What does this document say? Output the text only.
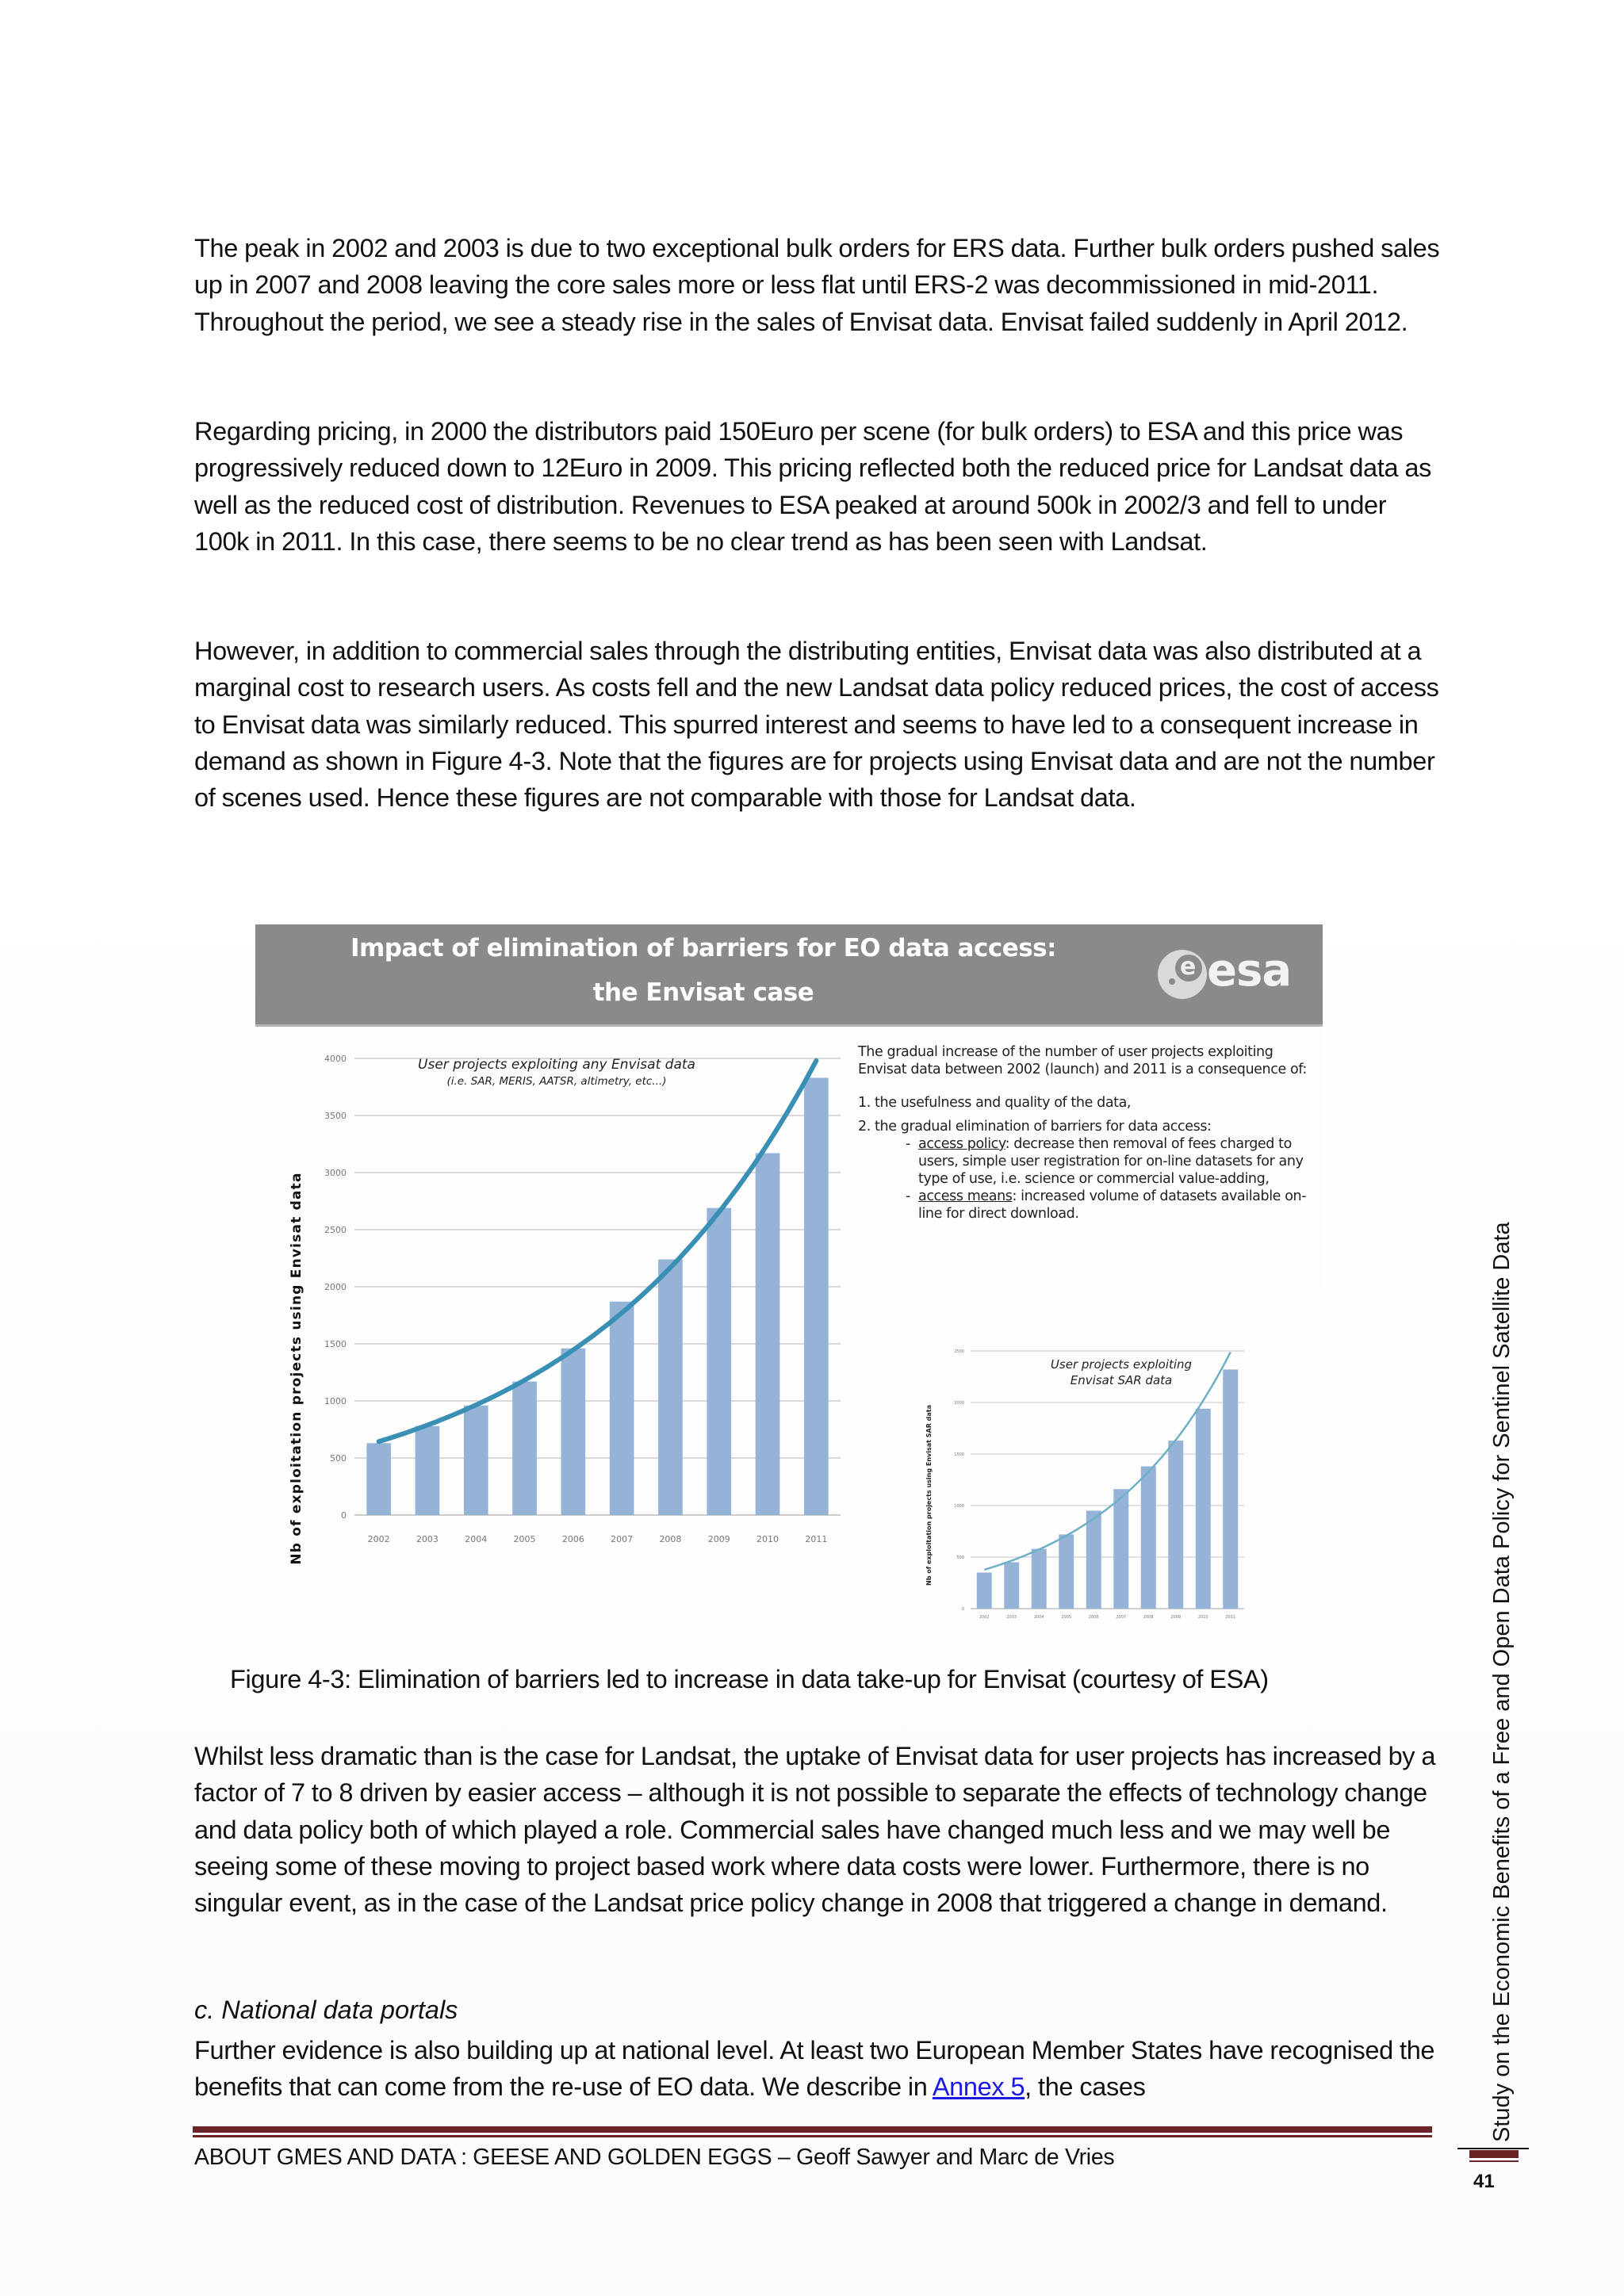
The peak in 2002 and 2003 is due to two exceptional bulk orders for ERS data. Further bulk orders pushed sales up in 2007 and 2008 leaving the core sales more or less flat until ERS-2 was decommissioned in mid-2011. Throughout the period, we see a steady rise in the sales of Envisat data. Envisat failed suddenly in April 2012.

Regarding pricing, in 2000 the distributors paid 150Euro per scene (for bulk orders) to ESA and this price was progressively reduced down to 12Euro in 2009. This pricing reflected both the reduced price for Landsat data as well as the reduced cost of distribution. Revenues to ESA peaked at around 500k in 2002/3 and fell to under 100k in 2011. In this case, there seems to be no clear trend as has been seen with Landsat.

However, in addition to commercial sales through the distributing entities, Envisat data was also distributed at a marginal cost to research users. As costs fell and the new Landsat data policy reduced prices, the cost of access to Envisat data was similarly reduced. This spurred interest and seems to have led to a consequent increase in demand as shown in Figure 4-3. Note that the figures are for projects using Envisat data and are not the number of scenes used. Hence these figures are not comparable with those for Landsat data.

Impact of elimination of barriers for EO data access:
the Envisat case
e esa
0
500
1000
1500
2000
2500
3000
3500
4000
2002	2003	2004	2005	2006	2007	2008	2009	2010	2011
User projects exploiting any Envisat data
(i.e. SAR, MERIS, AATSR, altimetry, etc...)
Nb of exploitation projects using Envisat data

The gradual increase of the number of user projects exploiting Envisat data between 2002 (launch) and 2011 is a consequence of:

1. the usefulness and quality of the data,

2. the gradual elimination of barriers for data access:

- access policy: decrease then removal of fees charged to users, simple user registration for on-line datasets for any type of use, i.e. science or commercial value-adding,

- access means: increased volume of datasets available on-line for direct download.

0
500
1000
1500
2000
2500
2002	2003	2004	2005	2006	2007	2008	2009	2010	2011
User projects exploiting
Envisat SAR data
Nb of exploitation projects using Envisat SAR data
Figure 4-3: Elimination of barriers led to increase in data take-up for Envisat (courtesy of ESA)

Whilst less dramatic than is the case for Landsat, the uptake of Envisat data for user projects has increased by a factor of 7 to 8 driven by easier access – although it is not possible to separate the effects of technology change and data policy both of which played a role. Commercial sales have changed much less and we may well be seeing some of these moving to project based work where data costs were lower. Furthermore, there is no singular event, as in the case of the Landsat price policy change in 2008 that triggered a change in demand.

c. National data portals

Further evidence is also building up at national level. At least two European Member States have recognised the benefits that can come from the re-use of EO data. We describe in Annex 5, the cases

ABOUT GMES AND DATA : GEESE AND GOLDEN EGGS – Geoff Sawyer and Marc de Vries
Study on the Economic Benefits of a Free and Open Data Policy for Sentinel Satellite Data
41
